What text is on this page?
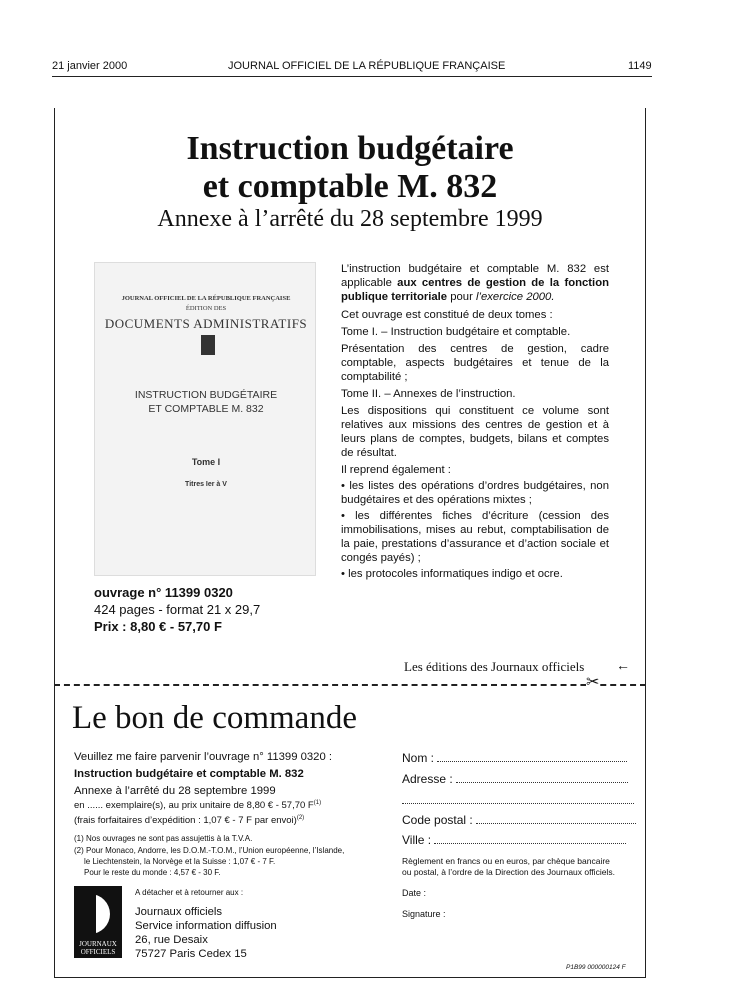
21 janvier 2000	JOURNAL OFFICIEL DE LA RÉPUBLIQUE FRANÇAISE	1149
Instruction budgétaire
et comptable M. 832
Annexe à l’arrêté du 28 septembre 1999
JOURNAL OFFICIEL DE LA RÉPUBLIQUE FRANÇAISE
ÉDITION DES
DOCUMENTS ADMINISTRATIFS
INSTRUCTION BUDGÉTAIRE
ET COMPTABLE M. 832
Tome I
Titres Ier à V
ouvrage n° 11399 0320
424 pages - format 21 x 29,7
Prix : 8,80 € - 57,70 F

L’instruction budgétaire et comptable M. 832 est applicable aux centres de gestion de la fonction publique territoriale pour l’exercice 2000.

Cet ouvrage est constitué de deux tomes :

Tome I. – Instruction budgétaire et comptable.

Présentation des centres de gestion, cadre comptable, aspects budgétaires et tenue de la comptabilité ;

Tome II. – Annexes de l’instruction.

Les dispositions qui constituent ce volume sont relatives aux missions des centres de gestion et à leurs plans de comptes, budgets, bilans et comptes de résultat.

Il reprend également :

• les listes des opérations d’ordres budgétaires, non budgétaires et des opérations mixtes ;

• les différentes fiches d’écriture (cession des immobilisations, mises au rebut, comptabilisation de la paie, prestations d’assurance et d’action sociale et congés payés) ;

• les protocoles informatiques indigo et ocre.

Les éditions des Journaux officiels ←
✂
Le bon de commande
Veuillez me faire parvenir l’ouvrage n° 11399 0320 :
Instruction budgétaire et comptable M. 832
Annexe à l’arrêté du 28 septembre 1999
en ...... exemplaire(s), au prix unitaire de 8,80 € - 57,70 $F^{(1)}$
(frais forfaitaires d’expédition : 1,07 € - 7 F par envoi)$^{(2)}$
(1) Nos ouvrages ne sont pas assujettis à la T.V.A.
(2) Pour Monaco, Andorre, les D.O.M.-T.O.M., l’Union européenne, l’Islande,
le Liechtenstein, la Norvège et la Suisse : 1,07 € - 7 F.
Pour le reste du monde : 4,57 € - 30 F.
A détacher et à retourner aux :
JOURNAUX
OFFICIELS
Journaux officiels
Service information diffusion
26, rue Desaix
75727 Paris Cedex 15
Nom :
Adresse :
Code postal :
Ville :
Règlement en francs ou en euros, par chèque bancaire
ou postal, à l’ordre de la Direction des Journaux officiels.
Date :
Signature :
P1B99 000000124 F
